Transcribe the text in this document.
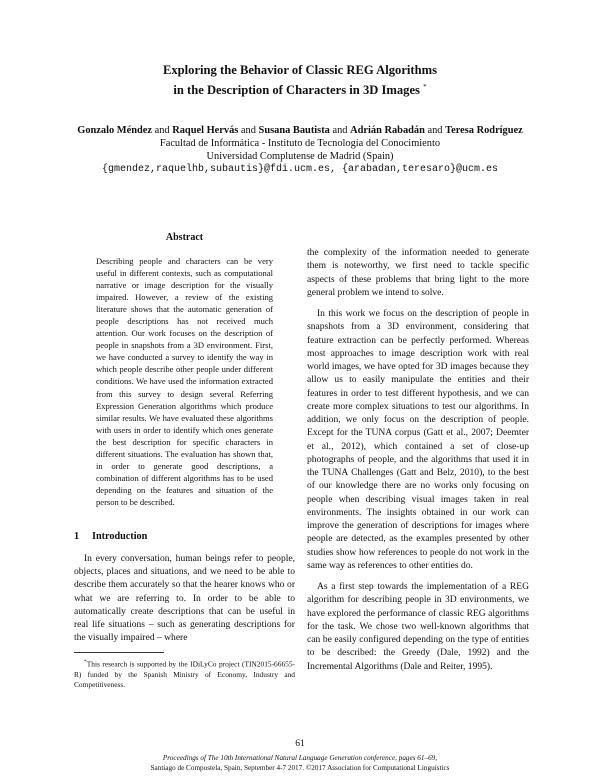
Exploring the Behavior of Classic REG Algorithms
in the Description of Characters in 3D Images *
Gonzalo Méndez and Raquel Hervás and Susana Bautista and Adrián Rabadán and Teresa Rodríguez
Facultad de Informática - Instituto de Tecnología del Conocimiento
Universidad Complutense de Madrid (Spain)
{gmendez,raquelhb,subautis}@fdi.ucm.es, {arabadan,teresaro}@ucm.es
Abstract
Describing people and characters can be very useful in different contexts, such as computational narrative or image description for the visually impaired. However, a review of the existing literature shows that the automatic generation of people descriptions has not received much attention. Our work focuses on the description of people in snapshots from a 3D environment. First, we have conducted a survey to identify the way in which people describe other people under different conditions. We have used the information extracted from this survey to design several Referring Expression Generation algorithms which produce similar results. We have evaluated these algorithms with users in order to identify which ones generate the best description for specific characters in different situations. The evaluation has shown that, in order to generate good descriptions, a combination of different algorithms has to be used depending on the features and situation of the person to be described.
1 Introduction
In every conversation, human beings refer to people, objects, places and situations, and we need to be able to describe them accurately so that the hearer knows who or what we are referring to. In order to be able to automatically create descriptions that can be useful in real life situations – such as generating descriptions for the visually impaired – where
the complexity of the information needed to generate them is noteworthy, we first need to tackle specific aspects of these problems that bring light to the more general problem we intend to solve.
In this work we focus on the description of people in snapshots from a 3D environment, considering that feature extraction can be perfectly performed. Whereas most approaches to image description work with real world images, we have opted for 3D images because they allow us to easily manipulate the entities and their features in order to test different hypothesis, and we can create more complex situations to test our algorithms. In addition, we only focus on the description of people. Except for the TUNA corpus (Gatt et al., 2007; Deemter et al., 2012), which contained a set of close-up photographs of people, and the algorithms that used it in the TUNA Challenges (Gatt and Belz, 2010), to the best of our knowledge there are no works only focusing on people when describing visual images taken in real environments. The insights obtained in our work can improve the generation of descriptions for images where people are detected, as the examples presented by other studies show how references to people do not work in the same way as references to other entities do.
As a first step towards the implementation of a REG algorithm for describing people in 3D environments, we have explored the performance of classic REG algorithms for the task. We chose two well-known algorithms that can be easily configured depending on the type of entities to be described: the Greedy (Dale, 1992) and the Incremental Algorithms (Dale and Reiter, 1995).
*This research is supported by the IDiLyCo project (TIN2015-66655-R) funded by the Spanish Ministry of Economy, Industry and Competitiveness.
61
Proceedings of The 10th International Natural Language Generation conference, pages 61–69,
Santiago de Compostela, Spain, September 4-7 2017. ©2017 Association for Computational Linguistics
